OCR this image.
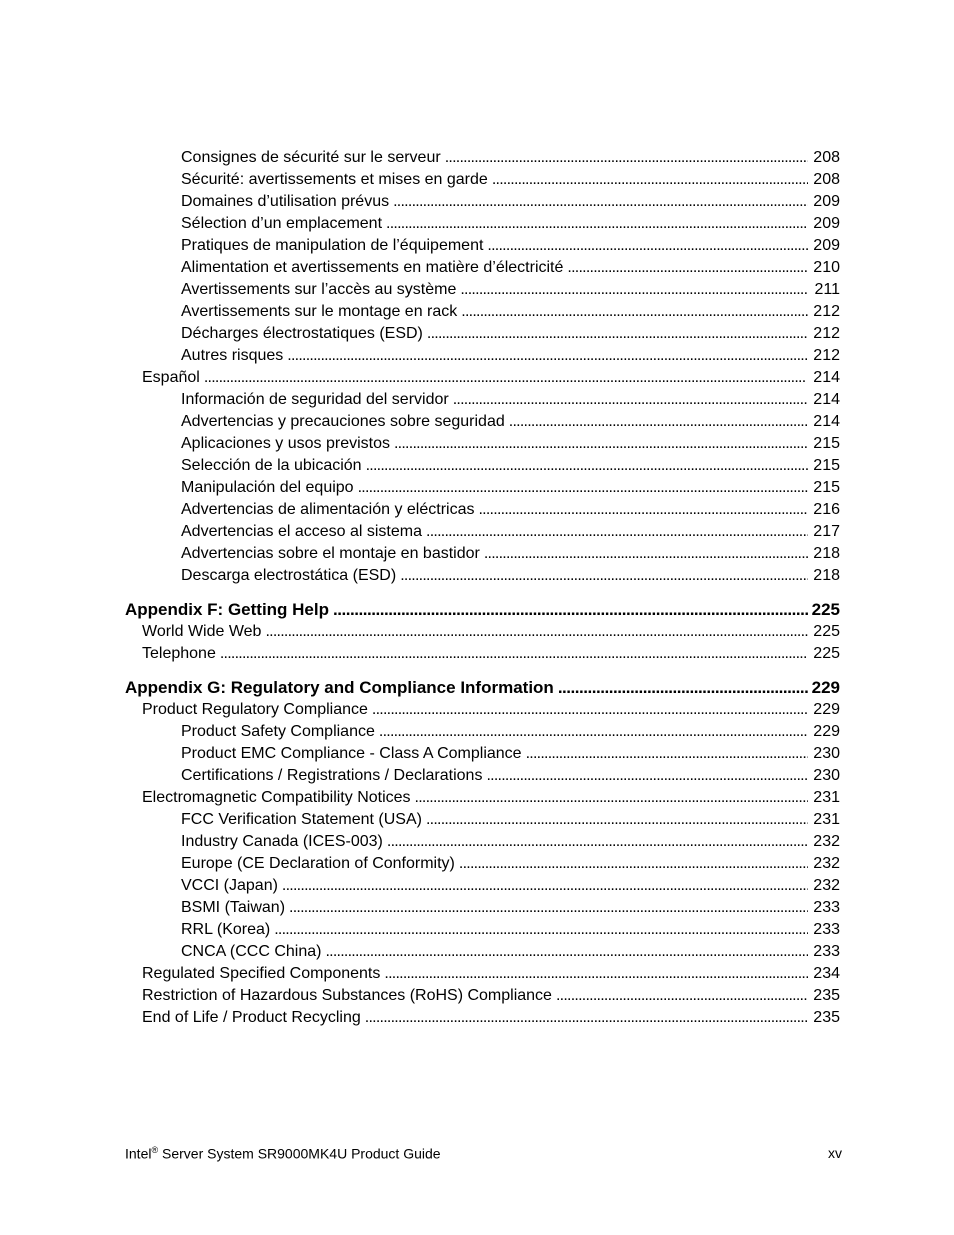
Consignes de sécurité sur le serveur . . .	208
Sécurité: avertissements et mises en garde . . .	208
Domaines d’utilisation prévus . . .	209
Sélection d’un emplacement . . .	209
Pratiques de manipulation de l’équipement . . .	209
Alimentation et avertissements en matière d’électricité . . .	210
Avertissements sur l’accès au système . . .	211
Avertissements sur le montage en rack . . .	212
Décharges électrostatiques (ESD) . . .	212
Autres risques . . .	212
Español . . .	214
Información de seguridad del servidor . . .	214
Advertencias y precauciones sobre seguridad . . .	214
Aplicaciones y usos previstos . . .	215
Selección de la ubicación . . .	215
Manipulación del equipo . . .	215
Advertencias de alimentación y eléctricas . . .	216
Advertencias el acceso al sistema . . .	217
Advertencias sobre el montaje en bastidor . . .	218
Descarga electrostática (ESD) . . .	218
Appendix F: Getting Help . . .	225
World Wide Web . . .	225
Telephone . . .	225
Appendix G: Regulatory and Compliance Information . . .	229
Product Regulatory Compliance . . .	229
Product Safety Compliance . . .	229
Product EMC Compliance - Class A Compliance . . .	230
Certifications / Registrations / Declarations . . .	230
Electromagnetic Compatibility Notices . . .	231
FCC Verification Statement (USA) . . .	231
Industry Canada (ICES-003) . . .	232
Europe (CE Declaration of Conformity) . . .	232
VCCI (Japan) . . .	232
BSMI (Taiwan) . . .	233
RRL (Korea) . . .	233
CNCA (CCC China) . . .	233
Regulated Specified Components . . .	234
Restriction of Hazardous Substances (RoHS) Compliance . . .	235
End of Life / Product Recycling . . .	235
Intel® Server System SR9000MK4U Product Guide	xv
